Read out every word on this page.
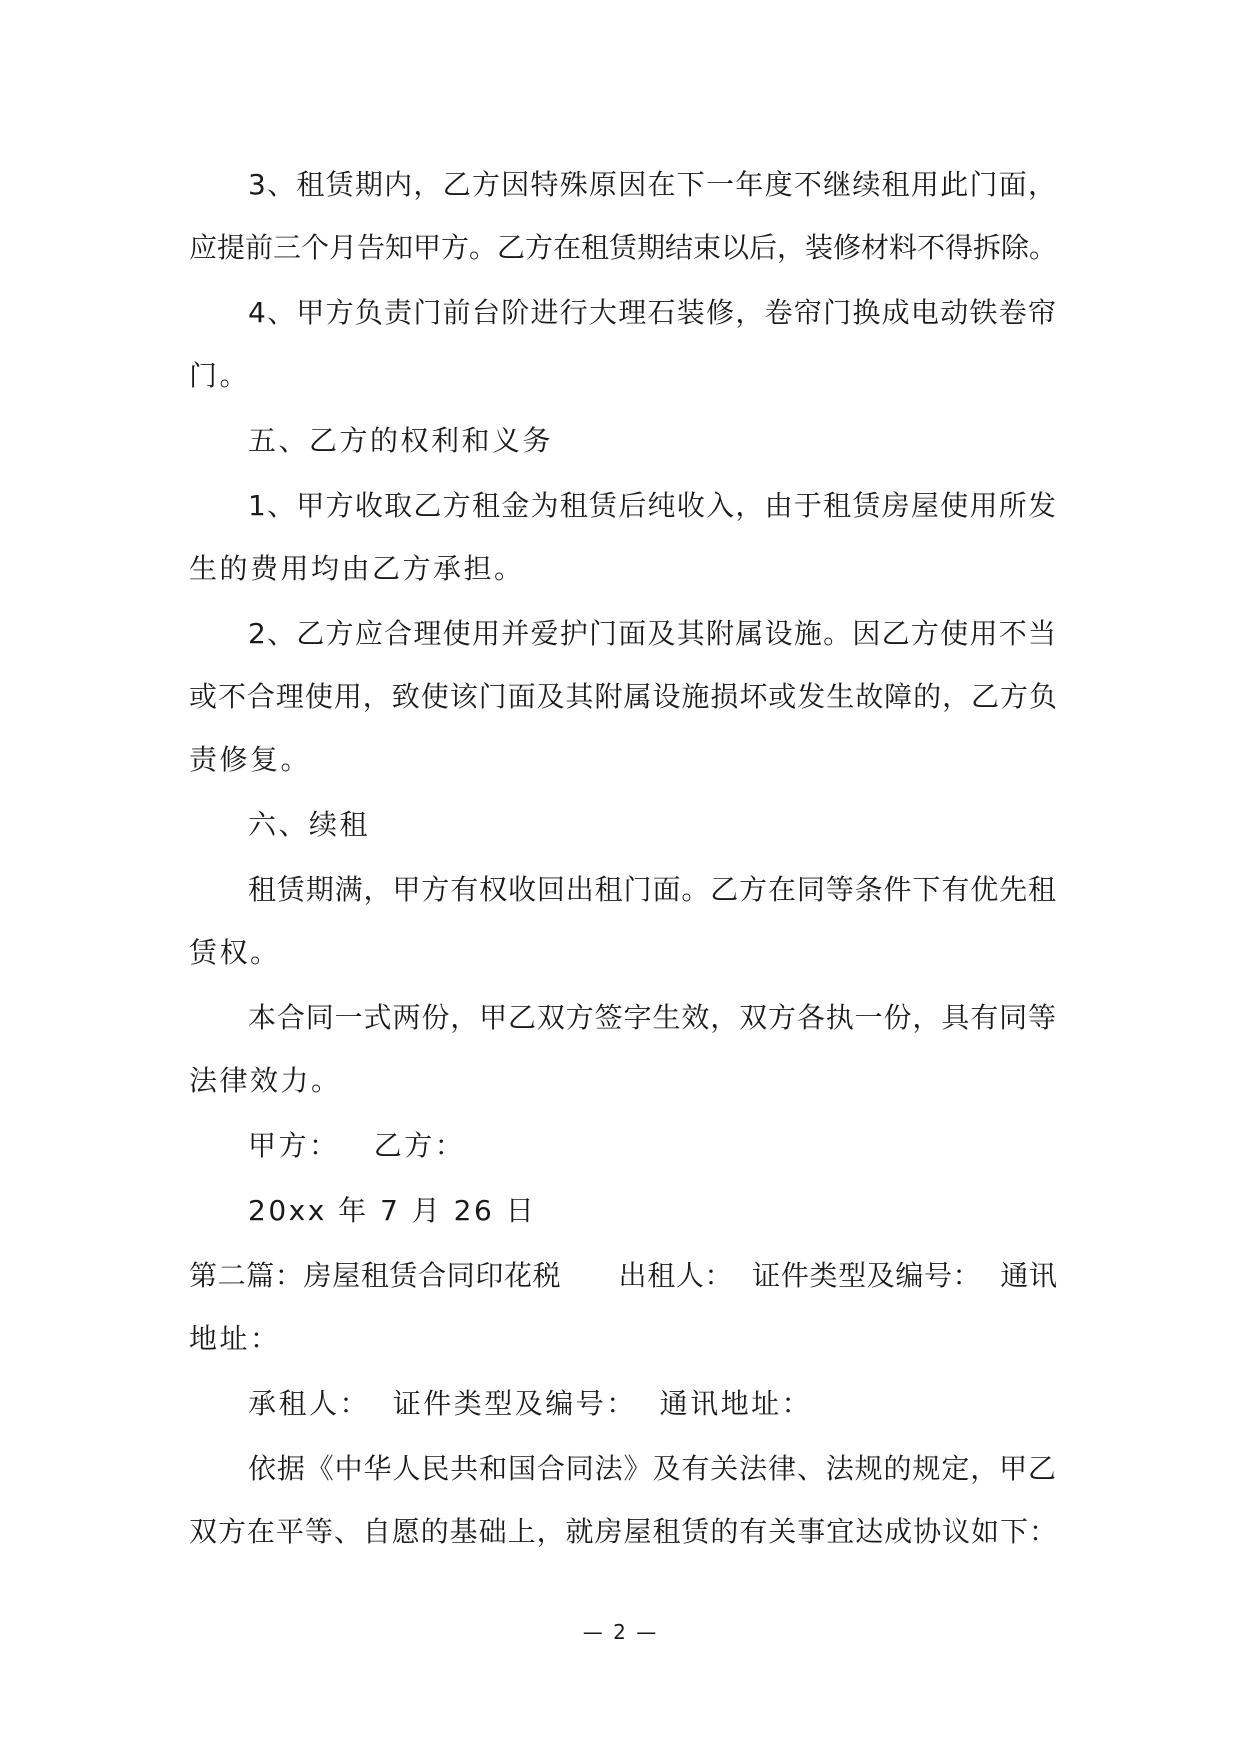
3、租赁期内，乙方因特殊原因在下一年度不继续租用此门面，
应提前三个月告知甲方。乙方在租赁期结束以后，装修材料不得拆除。
4、甲方负责门前台阶进行大理石装修，卷帘门换成电动铁卷帘
门。
五、乙方的权利和义务
1、甲方收取乙方租金为租赁后纯收入，由于租赁房屋使用所发
生的费用均由乙方承担。
2、乙方应合理使用并爱护门面及其附属设施。因乙方使用不当
或不合理使用，致使该门面及其附属设施损坏或发生故障的，乙方负
责修复。
六、续租
租赁期满，甲方有权收回出租门面。乙方在同等条件下有优先租
赁权。
本合同一式两份，甲乙双方签字生效，双方各执一份，具有同等
法律效力。
甲方：   乙方：
20xx 年 7 月 26 日
第二篇：房屋租赁合同印花税　　出租人：  证件类型及编号：  通讯
地址：
承租人：  证件类型及编号：  通讯地址：
依据《中华人民共和国合同法》及有关法律、法规的规定，甲乙
双方在平等、自愿的基础上，就房屋租赁的有关事宜达成协议如下：
— 2 —
